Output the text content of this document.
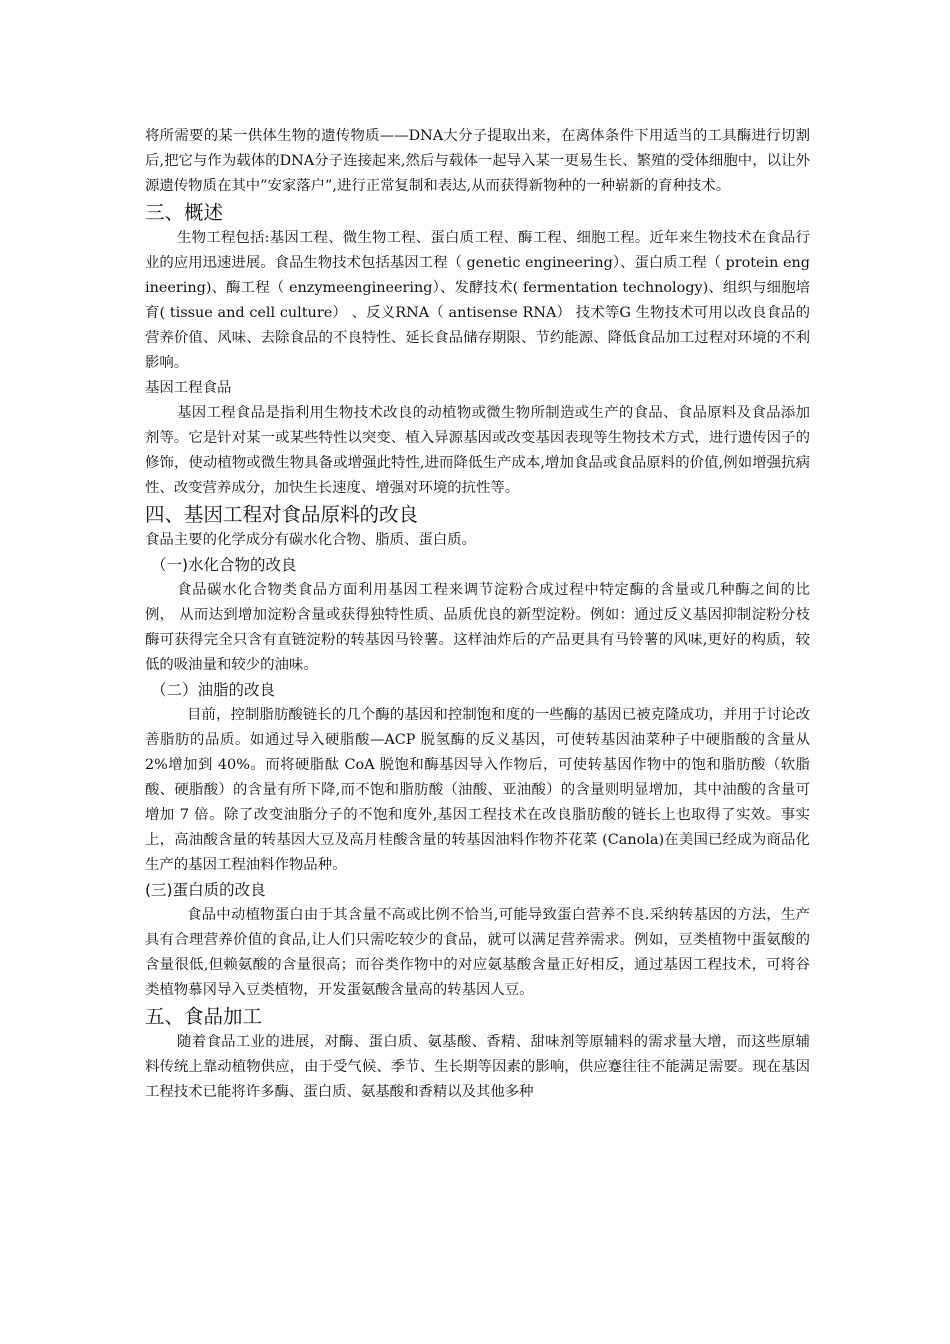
将所需要的某一供体生物的遗传物质——DNA大分子提取出来，在离体条件下用适当的工具酶进行切割后,把它与作为载体的DNA分子连接起来,然后与载体一起导入某一更易生长、繁殖的受体细胞中，以让外源遗传物质在其中”安家落户”,进行正常复制和表达,从而获得新物种的一种崭新的育种技术。

三、概述

生物工程包括:基因工程、微生物工程、蛋白质工程、酶工程、细胞工程。近年来生物技术在食品行业的应用迅速进展。食品生物技术包括基因工程（ genetic engineering）、蛋白质工程（ protein engineering)、酶工程（ enzymeengineering）、发酵技术( fermentation technology)、组织与细胞培育( tissue and cell culture） 、反义RNA（ antisense RNA） 技术等G 生物技术可用以改良食品的营养价值、风味、去除食品的不良特性、延长食品储存期限、节约能源、降低食品加工过程对环境的不利影响。

基因工程食品

基因工程食品是指利用生物技术改良的动植物或微生物所制造或生产的食品、食品原料及食品添加剂等。它是针对某一或某些特性以突变、植入异源基因或改变基因表现等生物技术方式，进行遗传因子的修饰，使动植物或微生物具备或增强此特性,进而降低生产成本,增加食品或食品原料的价值,例如增强抗病性、改变营养成分，加快生长速度、增强对环境的抗性等。

四、基因工程对食品原料的改良

食品主要的化学成分有碳水化合物、脂质、蛋白质。

（一)水化合物的改良

食品碳水化合物类食品方面利用基因工程来调节淀粉合成过程中特定酶的含量或几种酶之间的比例， 从而达到增加淀粉含量或获得独特性质、品质优良的新型淀粉。例如：通过反义基因抑制淀粉分枝酶可获得完全只含有直链淀粉的转基因马铃薯。这样油炸后的产品更具有马铃薯的风味,更好的构质，较低的吸油量和较少的油味。

（二）油脂的改良

目前，控制脂肪酸链长的几个酶的基因和控制饱和度的一些酶的基因已被克隆成功，并用于讨论改善脂肪的品质。如通过导入硬脂酸—ACP 脱氢酶的反义基因，可使转基因油菜种子中硬脂酸的含量从 2%增加到 40%。而将硬脂酞 CoA 脱饱和酶基因导入作物后，可使转基因作物中的饱和脂肪酸（软脂酸、硬脂酸）的含量有所下降,而不饱和脂肪酸（油酸、亚油酸）的含量则明显增加，其中油酸的含量可增加 7 倍。除了改变油脂分子的不饱和度外,基因工程技术在改良脂肪酸的链长上也取得了实效。事实上，高油酸含量的转基因大豆及高月桂酸含量的转基因油料作物芥花菜 (Canola)在美国已经成为商品化生产的基因工程油料作物品种。

(三)蛋白质的改良

食品中动植物蛋白由于其含量不高或比例不恰当,可能导致蛋白营养不良.采纳转基因的方法，生产具有合理营养价值的食品,让人们只需吃较少的食品，就可以满足营养需求。例如，豆类植物中蛋氨酸的含量很低,但赖氨酸的含量很高；而谷类作物中的对应氨基酸含量正好相反，通过基因工程技术，可将谷类植物慕冈导入豆类植物，开发蛋氨酸含量高的转基因人豆。

五、食品加工

随着食品工业的进展，对酶、蛋白质、氨基酸、香精、甜味剂等原辅料的需求量大增，而这些原辅料传统上靠动植物供应，由于受气候、季节、生长期等因素的影响，供应蹇往往不能满足需要。现在基因工程技术已能将许多酶、蛋白质、氨基酸和香精以及其他多种
